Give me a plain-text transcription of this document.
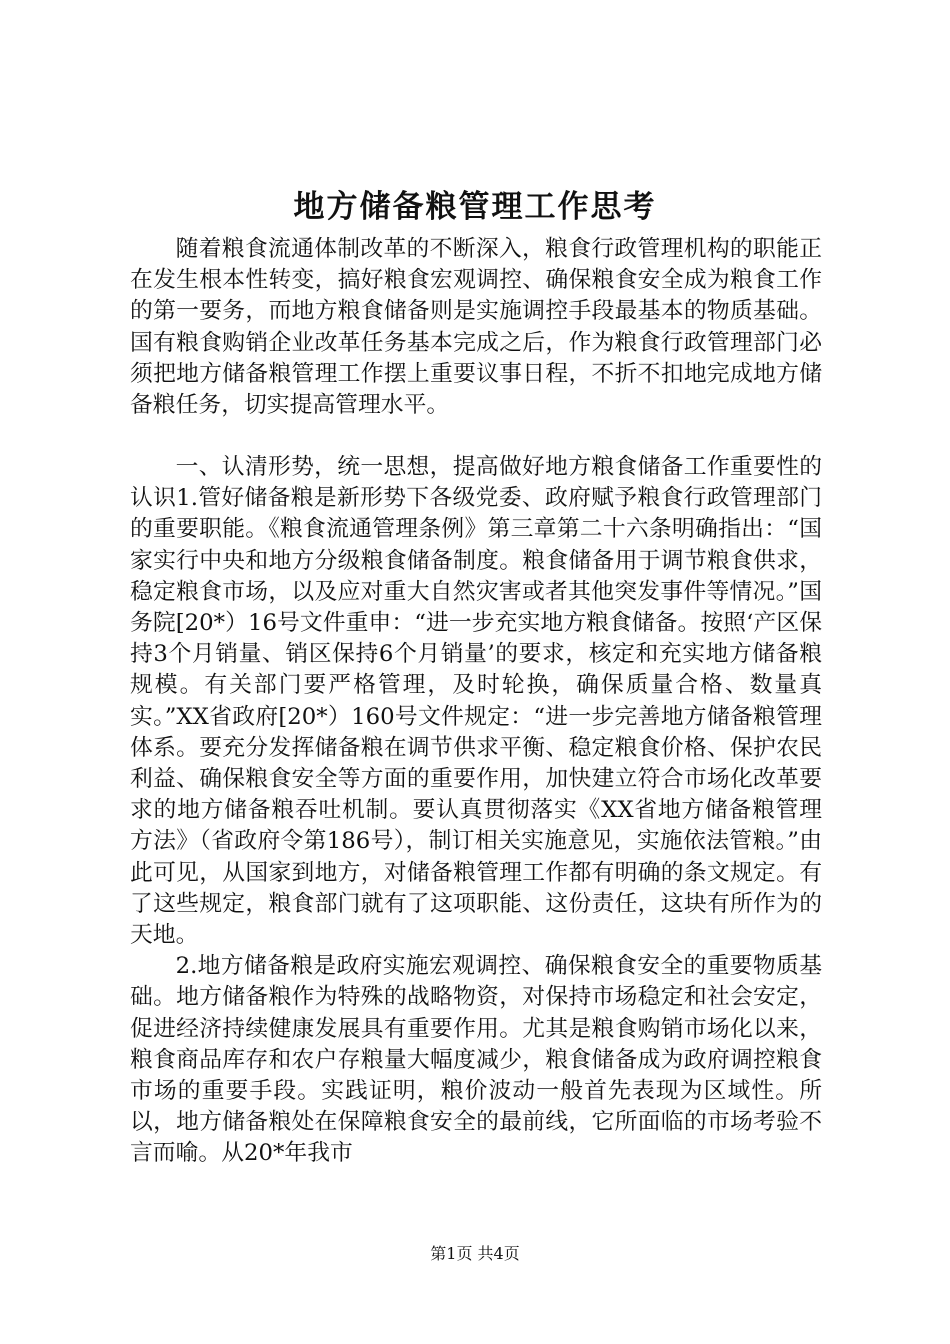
地方储备粮管理工作思考

随着粮食流通体制改革的不断深入，粮食行政管理机构的职能正在发生根本性转变，搞好粮食宏观调控、确保粮食安全成为粮食工作的第一要务，而地方粮食储备则是实施调控手段最基本的物质基础。国有粮食购销企业改革任务基本完成之后，作为粮食行政管理部门必须把地方储备粮管理工作摆上重要议事日程，不折不扣地完成地方储备粮任务，切实提高管理水平。

一、认清形势，统一思想，提高做好地方粮食储备工作重要性的认识1.管好储备粮是新形势下各级党委、政府赋予粮食行政管理部门的重要职能。《粮食流通管理条例》第三章第二十六条明确指出：“国家实行中央和地方分级粮食储备制度。粮食储备用于调节粮食供求，稳定粮食市场，以及应对重大自然灾害或者其他突发事件等情况。”国务院[20*）16号文件重申：“进一步充实地方粮食储备。按照‘产区保持3个月销量、销区保持6个月销量’的要求，核定和充实地方储备粮规模。有关部门要严格管理，及时轮换，确保质量合格、数量真实。”XX省政府[20*）160号文件规定：“进一步完善地方储备粮管理体系。要充分发挥储备粮在调节供求平衡、稳定粮食价格、保护农民利益、确保粮食安全等方面的重要作用，加快建立符合市场化改革要求的地方储备粮吞吐机制。要认真贯彻落实《XX省地方储备粮管理方法》（省政府令第186号），制订相关实施意见，实施依法管粮。”由此可见，从国家到地方，对储备粮管理工作都有明确的条文规定。有了这些规定，粮食部门就有了这项职能、这份责任，这块有所作为的天地。

2.地方储备粮是政府实施宏观调控、确保粮食安全的重要物质基础。地方储备粮作为特殊的战略物资，对保持市场稳定和社会安定，促进经济持续健康发展具有重要作用。尤其是粮食购销市场化以来，粮食商品库存和农户存粮量大幅度减少，粮食储备成为政府调控粮食市场的重要手段。实践证明，粮价波动一般首先表现为区域性。所以，地方储备粮处在保障粮食安全的最前线，它所面临的市场考验不言而喻。从20*年我市

第1页 共4页
